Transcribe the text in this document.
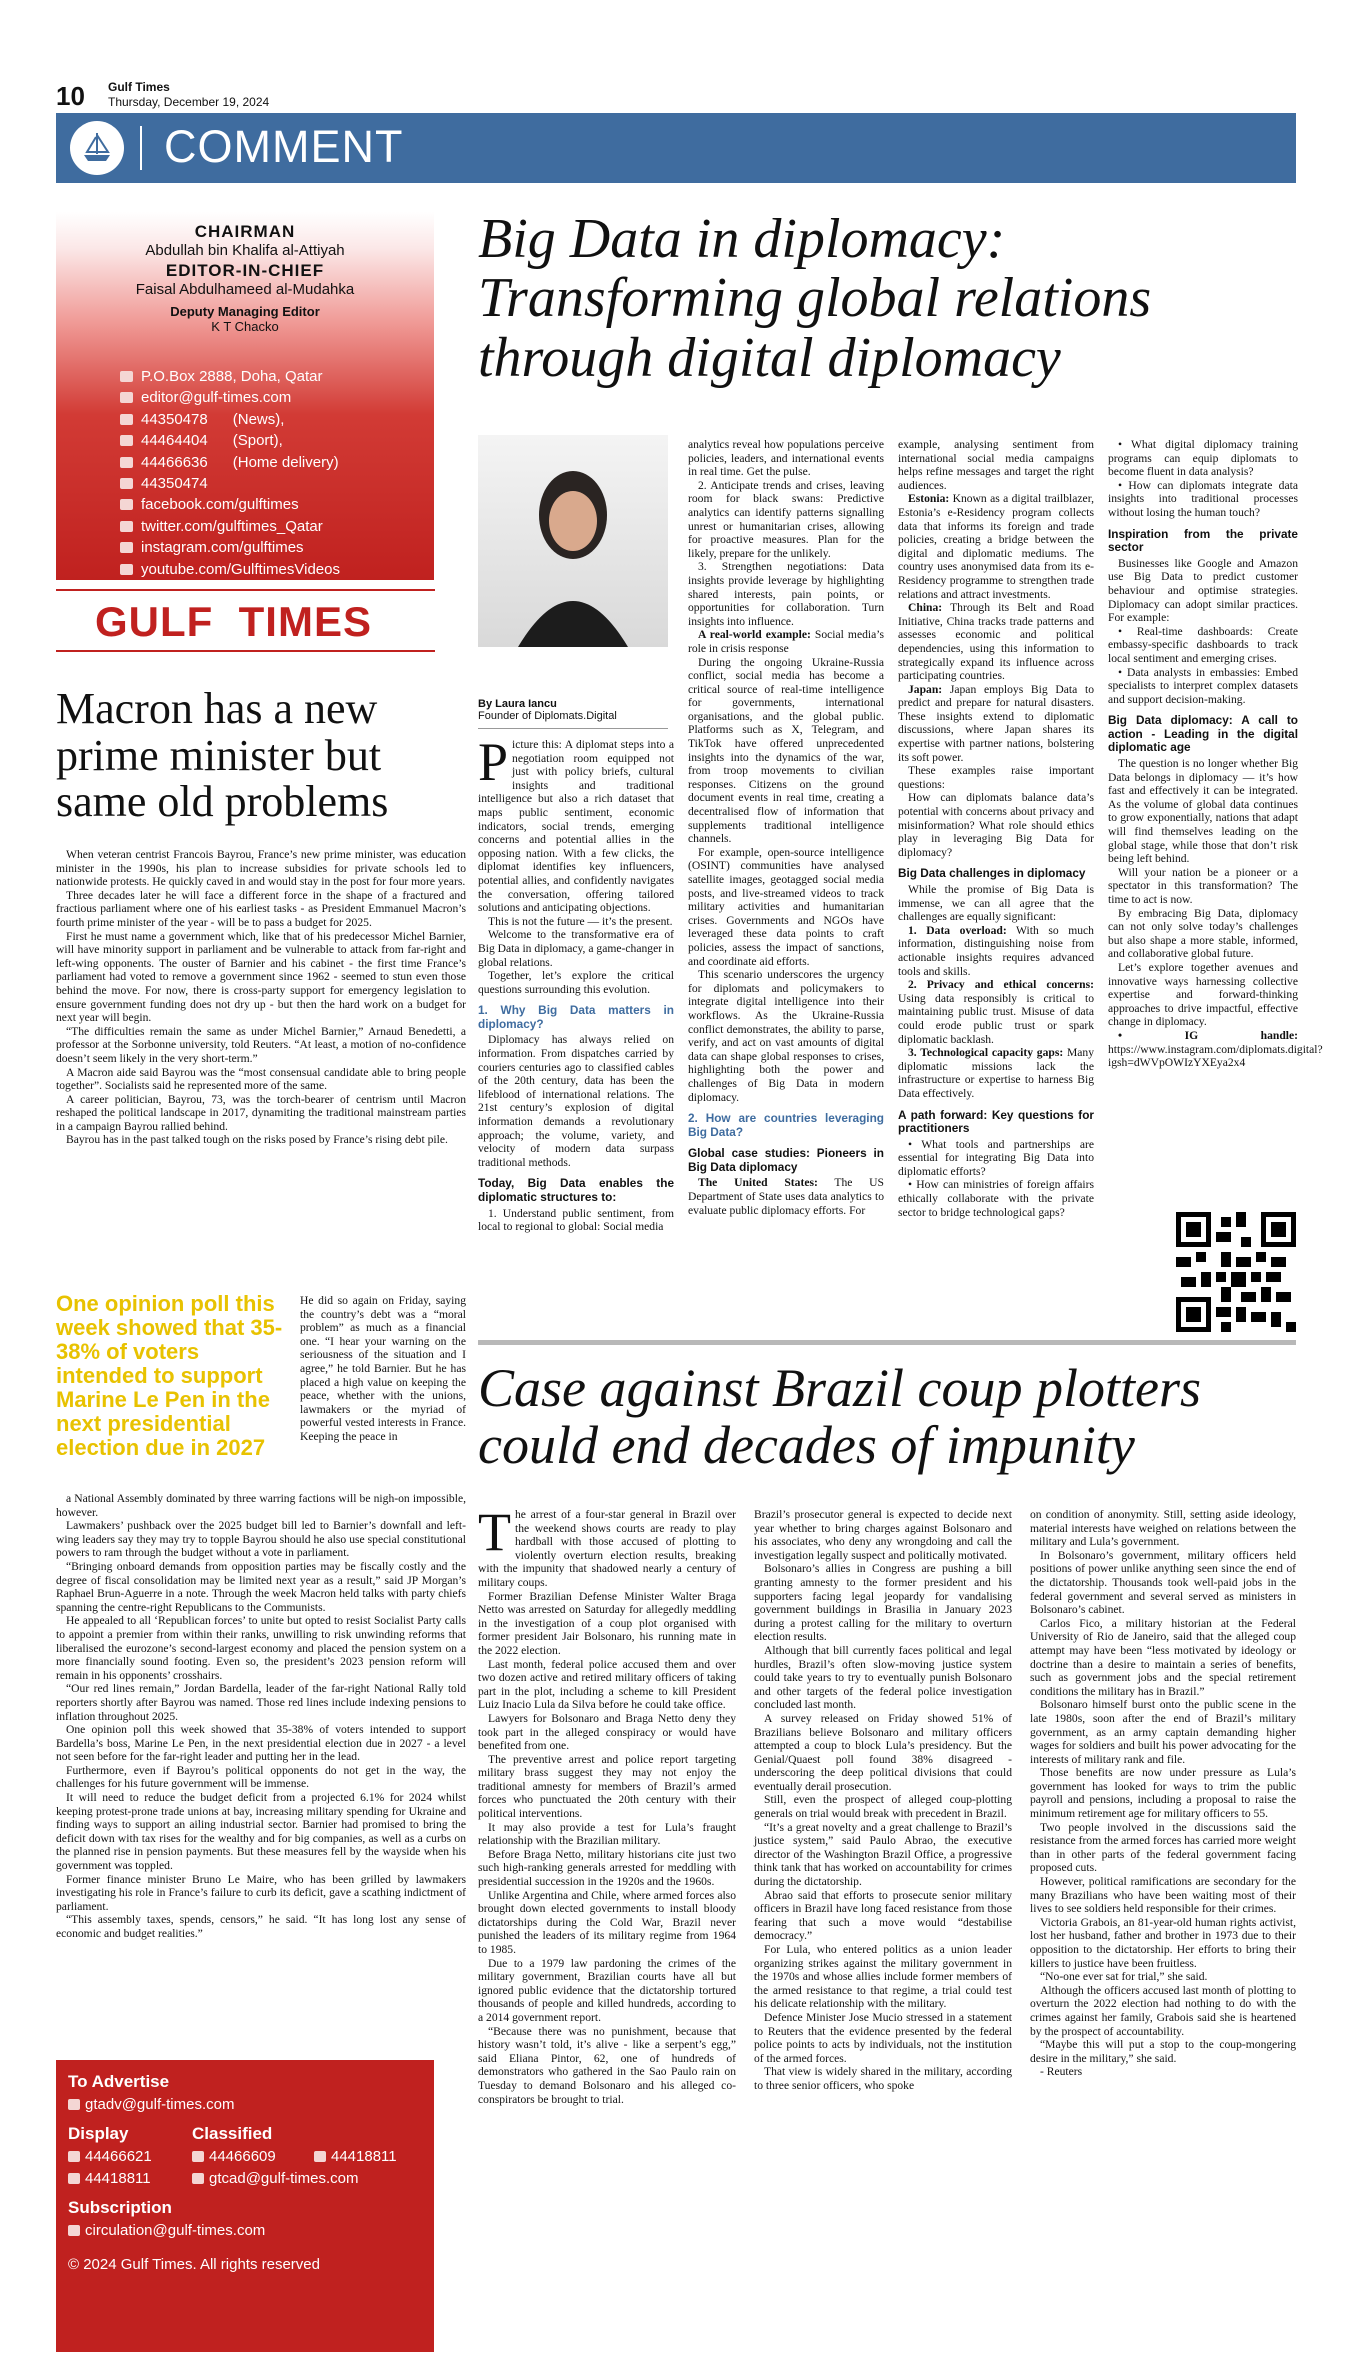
10 Gulf Times
Thursday, December 19, 2024
COMMENT
CHAIRMAN
Abdullah bin Khalifa al-Attiyah
EDITOR-IN-CHIEF
Faisal Abdulhameed al-Mudahka
Deputy Managing Editor
K T Chacko
P.O.Box 2888, Doha, Qatar
editor@gulf-times.com
44350478      (News),
44464404      (Sport),
44466636      (Home delivery)
44350474
facebook.com/gulftimes
twitter.com/gulftimes_Qatar
instagram.com/gulftimes
youtube.com/GulftimesVideos
GULF  TIMES
Macron has a new prime minister but same old problems

When veteran centrist Francois Bayrou, France’s new prime minister, was education minister in the 1990s, his plan to increase subsidies for private schools led to nationwide protests. He quickly caved in and would stay in the post for four more years.

Three decades later he will face a different force in the shape of a fractured and fractious parliament where one of his earliest tasks - as President Emmanuel Macron’s fourth prime minister of the year - will be to pass a budget for 2025.

First he must name a government which, like that of his predecessor Michel Barnier, will have minority support in parliament and be vulnerable to attack from far-right and left-wing opponents. The ouster of Barnier and his cabinet - the first time France’s parliament had voted to remove a government since 1962 - seemed to stun even those behind the move. For now, there is cross-party support for emergency legislation to ensure government funding does not dry up - but then the hard work on a budget for next year will begin.

“The difficulties remain the same as under Michel Barnier,” Arnaud Benedetti, a professor at the Sorbonne university, told Reuters. “At least, a motion of no-confidence doesn’t seem likely in the very short-term.”

A Macron aide said Bayrou was the “most consensual candidate able to bring people together”. Socialists said he represented more of the same.

A career politician, Bayrou, 73, was the torch-bearer of centrism until Macron reshaped the political landscape in 2017, dynamiting the traditional mainstream parties in a campaign Bayrou rallied behind.

Bayrou has in the past talked tough on the risks posed by France’s rising debt pile.

One opinion poll this week showed that 35-38% of voters intended to support Marine Le Pen in the next presidential election due in 2027
He did so again on Friday, saying the country’s debt was a “moral problem” as much as a financial one. “I hear your warning on the seriousness of the situation and I agree,” he told Barnier. But he has placed a high value on keeping the peace, whether with the unions, lawmakers or the myriad of powerful vested interests in France. Keeping the peace in

a National Assembly dominated by three warring factions will be nigh-on impossible, however.

Lawmakers’ pushback over the 2025 budget bill led to Barnier’s downfall and left-wing leaders say they may try to topple Bayrou should he also use special constitutional powers to ram through the budget without a vote in parliament.

“Bringing onboard demands from opposition parties may be fiscally costly and the degree of fiscal consolidation may be limited next year as a result,” said JP Morgan’s Raphael Brun-Aguerre in a note. Through the week Macron held talks with party chiefs spanning the centre-right Republicans to the Communists.

He appealed to all ‘Republican forces’ to unite but opted to resist Socialist Party calls to appoint a premier from within their ranks, unwilling to risk unwinding reforms that liberalised the eurozone’s second-largest economy and placed the pension system on a more financially sound footing. Even so, the president’s 2023 pension reform will remain in his opponents’ crosshairs.

“Our red lines remain,” Jordan Bardella, leader of the far-right National Rally told reporters shortly after Bayrou was named. Those red lines include indexing pensions to inflation throughout 2025.

One opinion poll this week showed that 35-38% of voters intended to support Bardella’s boss, Marine Le Pen, in the next presidential election due in 2027 - a level not seen before for the far-right leader and putting her in the lead.

Furthermore, even if Bayrou’s political opponents do not get in the way, the challenges for his future government will be immense.

It will need to reduce the budget deficit from a projected 6.1% for 2024 whilst keeping protest-prone trade unions at bay, increasing military spending for Ukraine and finding ways to support an ailing industrial sector. Barnier had promised to bring the deficit down with tax rises for the wealthy and for big companies, as well as a curbs on the planned rise in pension payments. But these measures fell by the wayside when his government was toppled.

Former finance minister Bruno Le Maire, who has been grilled by lawmakers investigating his role in France’s failure to curb its deficit, gave a scathing indictment of parliament.

“This assembly taxes, spends, censors,” he said. “It has long lost any sense of economic and budget realities.”

To Advertise
gtadv@gulf-times.com
Display
44466621
44418811
Classified
44466609	44418811
gtcad@gulf-times.com
Subscription
circulation@gulf-times.com
© 2024 Gulf Times. All rights reserved
Big Data in diplomacy: Transforming global relations through digital diplomacy
By Laura Iancu
Founder of Diplomats.Digital
Picture this: A diplomat steps into a negotiation room equipped not just with policy briefs, cultural insights and traditional intelligence but also a rich dataset that maps public sentiment, economic indicators, social trends, emerging concerns and potential allies in the opposing nation. With a few clicks, the diplomat identifies key influencers, potential allies, and confidently navigates the conversation, offering tailored solutions and anticipating objections.

This is not the future — it’s the present.

Welcome to the transformative era of Big Data in diplomacy, a game-changer in global relations.

Together, let’s explore the critical questions surrounding this evolution.

1. Why Big Data matters in diplomacy?

Diplomacy has always relied on information. From dispatches carried by couriers centuries ago to classified cables of the 20th century, data has been the lifeblood of international relations. The 21st century’s explosion of digital information demands a revolutionary approach; the volume, variety, and velocity of modern data surpass traditional methods.

Today, Big Data enables the diplomatic structures to:

1. Understand public sentiment, from local to regional to global: Social media

analytics reveal how populations perceive policies, leaders, and international events in real time. Get the pulse.

2. Anticipate trends and crises, leaving room for black swans: Predictive analytics can identify patterns signalling unrest or humanitarian crises, allowing for proactive measures. Plan for the likely, prepare for the unlikely.

3. Strengthen negotiations: Data insights provide leverage by highlighting shared interests, pain points, or opportunities for collaboration. Turn insights into influence.

A real-world example: Social media’s role in crisis response

During the ongoing Ukraine-Russia conflict, social media has become a critical source of real-time intelligence for governments, international organisations, and the global public. Platforms such as X, Telegram, and TikTok have offered unprecedented insights into the dynamics of the war, from troop movements to civilian responses. Citizens on the ground document events in real time, creating a decentralised flow of information that supplements traditional intelligence channels.

For example, open-source intelligence (OSINT) communities have analysed satellite images, geotagged social media posts, and live-streamed videos to track military activities and humanitarian crises. Governments and NGOs have leveraged these data points to craft policies, assess the impact of sanctions, and coordinate aid efforts.

This scenario underscores the urgency for diplomats and policymakers to integrate digital intelligence into their workflows. As the Ukraine-Russia conflict demonstrates, the ability to parse, verify, and act on vast amounts of digital data can shape global responses to crises, highlighting both the power and challenges of Big Data in modern diplomacy.

2. How are countries leveraging Big Data?
Global case studies: Pioneers in Big Data diplomacy

The United States: The US Department of State uses data analytics to evaluate public diplomacy efforts. For

example, analysing sentiment from international social media campaigns helps refine messages and target the right audiences.

Estonia: Known as a digital trailblazer, Estonia’s e-Residency program collects data that informs its foreign and trade policies, creating a bridge between the digital and diplomatic mediums. The country uses anonymised data from its e-Residency programme to strengthen trade relations and attract investments.

China: Through its Belt and Road Initiative, China tracks trade patterns and assesses economic and political dependencies, using this information to strategically expand its influence across participating countries.

Japan: Japan employs Big Data to predict and prepare for natural disasters. These insights extend to diplomatic discussions, where Japan shares its expertise with partner nations, bolstering its soft power.

These examples raise important questions:

How can diplomats balance data’s potential with concerns about privacy and misinformation? What role should ethics play in leveraging Big Data for diplomacy?

Big Data challenges in diplomacy

While the promise of Big Data is immense, we can all agree that the challenges are equally significant:

1. Data overload: With so much information, distinguishing noise from actionable insights requires advanced tools and skills.

2. Privacy and ethical concerns: Using data responsibly is critical to maintaining public trust. Misuse of data could erode public trust or spark diplomatic backlash.

3. Technological capacity gaps: Many diplomatic missions lack the infrastructure or expertise to harness Big Data effectively.

A path forward: Key questions for practitioners

• What tools and partnerships are essential for integrating Big Data into diplomatic efforts?

• How can ministries of foreign affairs ethically collaborate with the private sector to bridge technological gaps?

• What digital diplomacy training programs can equip diplomats to become fluent in data analysis?

• How can diplomats integrate data insights into traditional processes without losing the human touch?

Inspiration from the private sector

Businesses like Google and Amazon use Big Data to predict customer behaviour and optimise strategies. Diplomacy can adopt similar practices. For example:

• Real-time dashboards: Create embassy-specific dashboards to track local sentiment and emerging crises.

• Data analysts in embassies: Embed specialists to interpret complex datasets and support decision-making.

Big Data diplomacy: A call to action - Leading in the digital diplomatic age

The question is no longer whether Big Data belongs in diplomacy — it’s how fast and effectively it can be integrated. As the volume of global data continues to grow exponentially, nations that adapt will find themselves leading on the global stage, while those that don’t risk being left behind.

Will your nation be a pioneer or a spectator in this transformation? The time to act is now.

By embracing Big Data, diplomacy can not only solve today’s challenges but also shape a more stable, informed, and collaborative global future.

Let’s explore together avenues and innovative ways harnessing collective expertise and forward-thinking approaches to drive impactful, effective change in diplomacy.

• IG handle: https://www.instagram.com/diplomats.digital?igsh=dWVpOWIzYXEya2x4

Case against Brazil coup plotters could end decades of impunity
The arrest of a four-star general in Brazil over the weekend shows courts are ready to play hardball with those accused of plotting to violently overturn election results, breaking with the impunity that shadowed nearly a century of military coups.

Former Brazilian Defense Minister Walter Braga Netto was arrested on Saturday for allegedly meddling in the investigation of a coup plot organised with former president Jair Bolsonaro, his running mate in the 2022 election.

Last month, federal police accused them and over two dozen active and retired military officers of taking part in the plot, including a scheme to kill President Luiz Inacio Lula da Silva before he could take office.

Lawyers for Bolsonaro and Braga Netto deny they took part in the alleged conspiracy or would have benefited from one.

The preventive arrest and police report targeting military brass suggest they may not enjoy the traditional amnesty for members of Brazil’s armed forces who punctuated the 20th century with their political interventions.

It may also provide a test for Lula’s fraught relationship with the Brazilian military.

Before Braga Netto, military historians cite just two such high-ranking generals arrested for meddling with presidential succession in the 1920s and the 1960s.

Unlike Argentina and Chile, where armed forces also brought down elected governments to install bloody dictatorships during the Cold War, Brazil never punished the leaders of its military regime from 1964 to 1985.

Due to a 1979 law pardoning the crimes of the military government, Brazilian courts have all but ignored public evidence that the dictatorship tortured thousands of people and killed hundreds, according to a 2014 government report.

“Because there was no punishment, because that history wasn’t told, it’s alive - like a serpent’s egg,” said Eliana Pintor, 62, one of hundreds of demonstrators who gathered in the Sao Paulo rain on Tuesday to demand Bolsonaro and his alleged co-conspirators be brought to trial.

Brazil’s prosecutor general is expected to decide next year whether to bring charges against Bolsonaro and his associates, who deny any wrongdoing and call the investigation legally suspect and politically motivated.

Bolsonaro’s allies in Congress are pushing a bill granting amnesty to the former president and his supporters facing legal jeopardy for vandalising government buildings in Brasilia in January 2023 during a protest calling for the military to overturn election results.

Although that bill currently faces political and legal hurdles, Brazil’s often slow-moving justice system could take years to try to eventually punish Bolsonaro and other targets of the federal police investigation concluded last month.

A survey released on Friday showed 51% of Brazilians believe Bolsonaro and military officers attempted a coup to block Lula’s presidency. But the Genial/Quaest poll found 38% disagreed - underscoring the deep political divisions that could eventually derail prosecution.

Still, even the prospect of alleged coup-plotting generals on trial would break with precedent in Brazil.

“It’s a great novelty and a great challenge to Brazil’s justice system,” said Paulo Abrao, the executive director of the Washington Brazil Office, a progressive think tank that has worked on accountability for crimes during the dictatorship.

Abrao said that efforts to prosecute senior military officers in Brazil have long faced resistance from those fearing that such a move would “destabilise democracy.”

For Lula, who entered politics as a union leader organizing strikes against the military government in the 1970s and whose allies include former members of the armed resistance to that regime, a trial could test his delicate relationship with the military.

Defence Minister Jose Mucio stressed in a statement to Reuters that the evidence presented by the federal police points to acts by individuals, not the institution of the armed forces.

That view is widely shared in the military, according to three senior officers, who spoke

on condition of anonymity. Still, setting aside ideology, material interests have weighed on relations between the military and Lula’s government.

In Bolsonaro’s government, military officers held positions of power unlike anything seen since the end of the dictatorship. Thousands took well-paid jobs in the federal government and several served as ministers in Bolsonaro’s cabinet.

Carlos Fico, a military historian at the Federal University of Rio de Janeiro, said that the alleged coup attempt may have been “less motivated by ideology or doctrine than a desire to maintain a series of benefits, such as government jobs and the special retirement conditions the military has in Brazil.”

Bolsonaro himself burst onto the public scene in the late 1980s, soon after the end of Brazil’s military government, as an army captain demanding higher wages for soldiers and built his power advocating for the interests of military rank and file.

Those benefits are now under pressure as Lula’s government has looked for ways to trim the public payroll and pensions, including a proposal to raise the minimum retirement age for military officers to 55.

Two people involved in the discussions said the resistance from the armed forces has carried more weight than in other parts of the federal government facing proposed cuts.

However, political ramifications are secondary for the many Brazilians who have been waiting most of their lives to see soldiers held responsible for their crimes.

Victoria Grabois, an 81-year-old human rights activist, lost her husband, father and brother in 1973 due to their opposition to the dictatorship. Her efforts to bring their killers to justice have been fruitless.

“No-one ever sat for trial,” she said.

Although the officers accused last month of plotting to overturn the 2022 election had nothing to do with the crimes against her family, Grabois said she is heartened by the prospect of accountability.

“Maybe this will put a stop to the coup-mongering desire in the military,” she said.

- Reuters
